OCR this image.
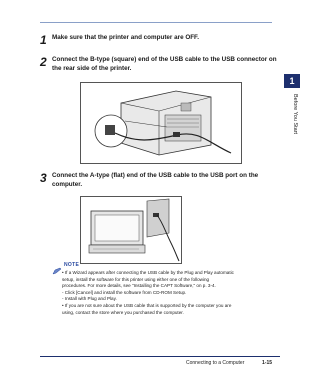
1
Before You Start
1 Make sure that the printer and computer are OFF.
2 Connect the B-type (square) end of the USB cable to the USB connector on the rear side of the printer.
3 Connect the A-type (flat) end of the USB cable to the USB port on the computer.
NOTE
• If a Wizard appears after connecting the USB cable by the Plug and Play automatic
setup, install the software for this printer using either one of the following
procedures. For more details, see "Installing the CAPT Software," on p. 3-4.
- Click [Cancel] and install the software from CD-ROM Setup.
- Install with Plug and Play.
• If you are not sure about the USB cable that is supported by the computer you are
using, contact the store where you purchased the computer.
Connecting to a Computer	1-15
